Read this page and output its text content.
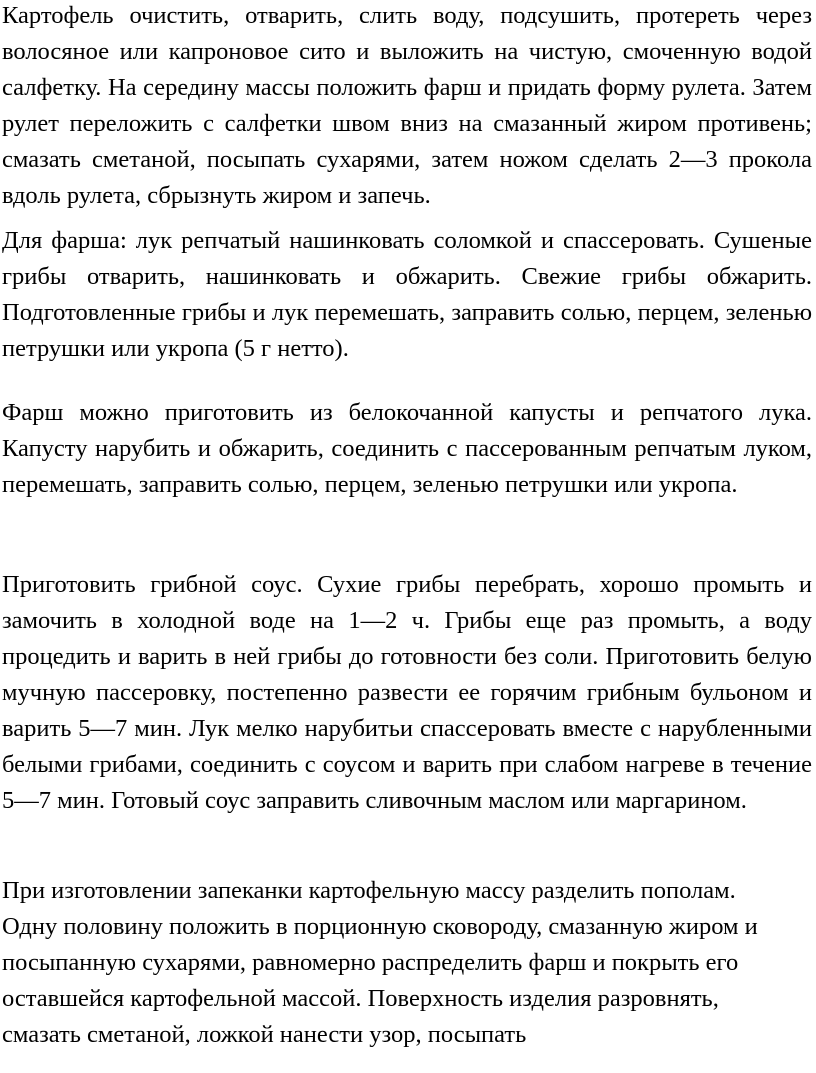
Картофель очистить, отварить, слить воду, подсушить, протереть через волосяное или капроновое сито и выложить на чистую, смоченную водой салфетку. На середину массы положить фарш и придать форму рулета. Затем рулет переложить с салфетки швом вниз на смазанный жиром противень; смазать сметаной, посыпать сухарями, затем ножом сделать 2—3 прокола вдоль рулета, сбрызнуть жиром и запечь.

Для фарша: лук репчатый нашинковать соломкой и спассеровать. Сушеные грибы отварить, нашинковать и обжарить. Свежие грибы обжарить. Подготовленные грибы и лук перемешать, заправить солью, перцем, зеленью петрушки или укропа (5 г нетто).

Фарш можно приготовить из белокочанной капусты и репчатого лука. Капусту нарубить и обжарить, соединить с пассерованным репчатым луком, перемешать, заправить солью, перцем, зеленью петрушки или укропа.

Приготовить грибной соус. Сухие грибы перебрать, хорошо промыть и замочить в холодной воде на 1—2 ч. Грибы еще раз промыть, а воду процедить и варить в ней грибы до готовности без соли. Приготовить белую мучную пассеровку, постепенно развести ее горячим грибным бульоном и варить 5—7 мин. Лук мелко нарубитьи спассеровать вместе с нарубленными белыми грибами, соединить с соусом и варить при слабом нагреве в течение 5—7 мин. Готовый соус заправить сливочным маслом или маргарином.

При изготовлении запеканки картофельную массу разделить пополам. Одну половину положить в порционную сковороду, смазанную жиром и посыпанную сухарями, равномерно распределить фарш и покрыть его оставшейся картофельной массой. Поверхность изделия разровнять, смазать сметаной, ложкой нанести узор, посыпать
